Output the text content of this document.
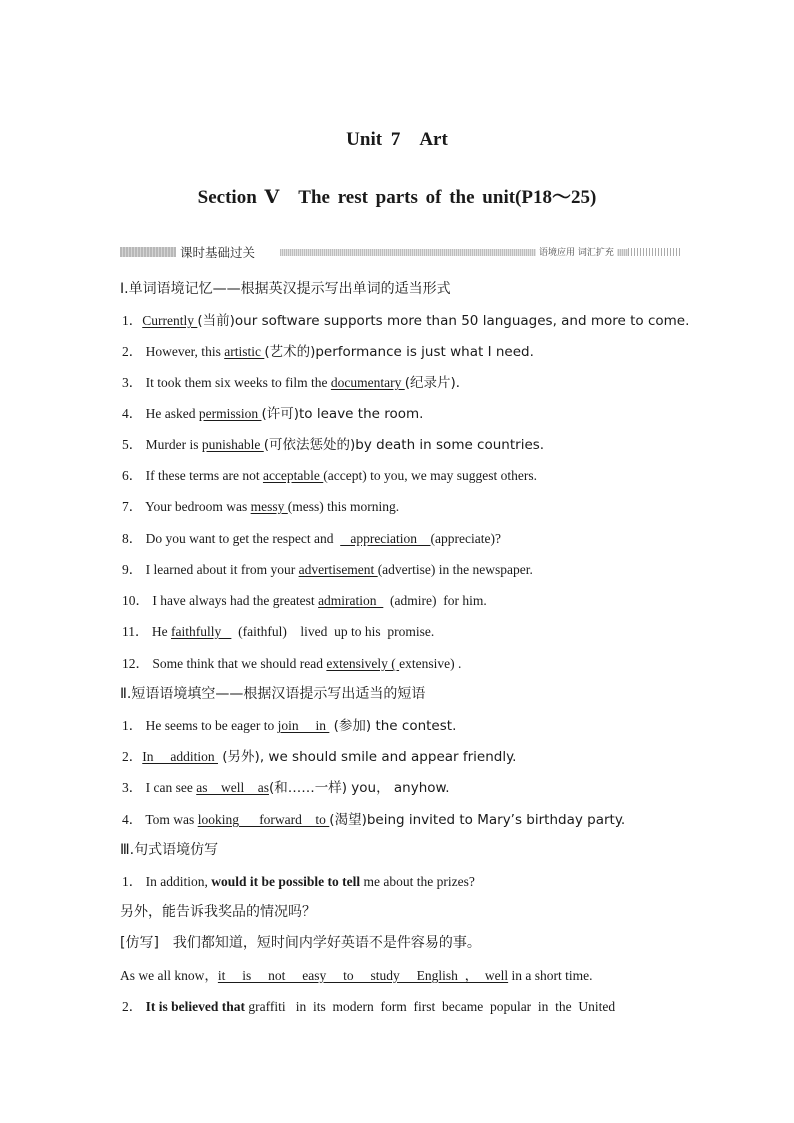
Unit 7　Art
Section Ⅴ　The rest parts of the unit(P18～25)
课时基础过关	语境应用 词汇扩充
Ⅰ.单词语境记忆——根据英汉提示写出单词的适当形式
1．Currently (当前)our software supports more than 50 languages, and more to come.
2． However, this artistic (艺术的)performance is just what I need.
3． It took them six weeks to film the documentary (纪录片)．
4． He asked permission (许可)to leave the room.
5． Murder is punishable (可依法惩处的)by death in some countries.
6． If these terms are not acceptable (accept) to you, we may suggest others.
7． Your bedroom was messy (mess) this morning.
8． Do you want to get the respect and     appreciation    (appreciate)?
9． I learned about it from your advertisement (advertise) in the newspaper.
10． I have always had the greatest admiration    (admire)  for him.
11． He faithfully     (faithful)    lived  up to his  promise.
12． Some think that we should read extensively ( extensive) .
Ⅱ.短语语境填空——根据汉语提示写出适当的短语
1． He seems to be eager to join     in  (参加) the contest.
2．In     addition  (另外), we should smile and appear friendly.
3． I can see as    well    as(和……一样) you， anyhow.
4． Tom was looking      forward    to (渴望)being invited to Mary’s birthday party.
Ⅲ.句式语境仿写
1． In addition, would it be possible to tell me about the prizes?
另外，能告诉我奖品的情况吗？
[仿写]　我们都知道，短时间内学好英语不是件容易的事。
As we all know，it     is     not     easy     to     study     English  ，  well in a short time.
2． It is believed that graffiti   in  its  modern  form  first  became  popular  in  the  United
